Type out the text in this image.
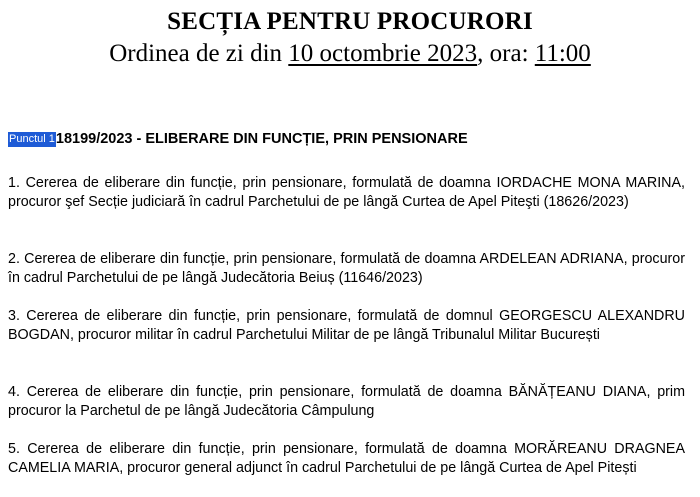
SECȚIA PENTRU PROCURORI
Ordinea de zi din 10 octombrie 2023, ora: 11:00
Punctul 118199/2023 - ELIBERARE DIN FUNCȚIE, PRIN PENSIONARE
1. Cererea de eliberare din funcție, prin pensionare, formulată de doamna IORDACHE MONA MARINA, procuror şef Secție judiciară în cadrul Parchetului de pe lângă Curtea de Apel Piteşti (18626/2023)
2. Cererea de eliberare din funcție, prin pensionare, formulată de doamna ARDELEAN ADRIANA, procuror în cadrul Parchetului de pe lângă Judecătoria Beiuș (11646/2023)
3. Cererea de eliberare din funcție, prin pensionare, formulată de domnul GEORGESCU ALEXANDRU BOGDAN, procuror militar în cadrul Parchetului Militar de pe lângă Tribunalul Militar București
4. Cererea de eliberare din funcție, prin pensionare, formulată de doamna BĂNĂȚEANU DIANA, prim procuror la Parchetul de pe lângă Judecătoria Câmpulung
5. Cererea de eliberare din funcție, prin pensionare, formulată de doamna MORĂREANU DRAGNEA CAMELIA MARIA, procuror general adjunct în cadrul Parchetului de pe lângă Curtea de Apel Pitești
